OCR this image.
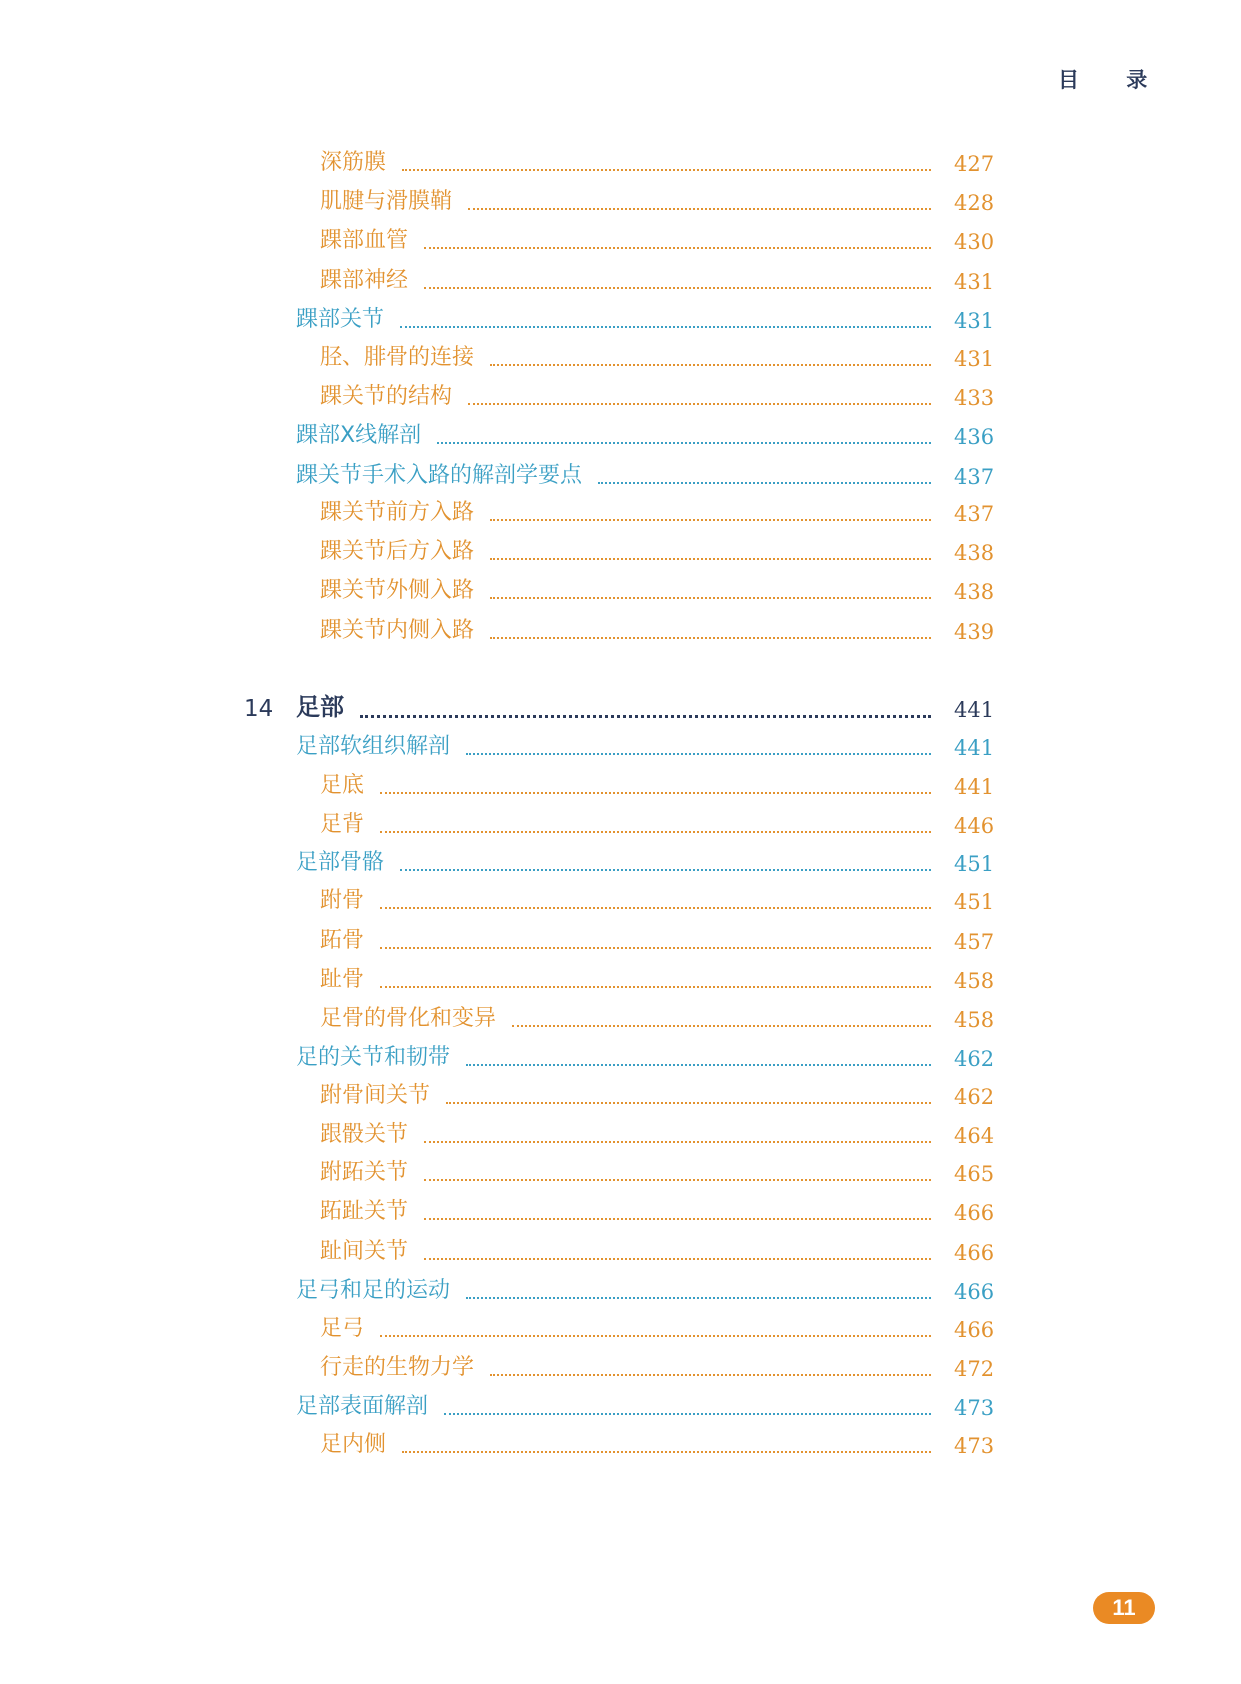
目 录
深筋膜	427
肌腱与滑膜鞘	428
踝部血管	430
踝部神经	431
踝部关节	431
胫、腓骨的连接	431
踝关节的结构	433
踝部X线解剖	436
踝关节手术入路的解剖学要点	437
踝关节前方入路	437
踝关节后方入路	438
踝关节外侧入路	438
踝关节内侧入路	439
14 足部	441
足部软组织解剖	441
足底	441
足背	446
足部骨骼	451
跗骨	451
跖骨	457
趾骨	458
足骨的骨化和变异	458
足的关节和韧带	462
跗骨间关节	462
跟骰关节	464
跗跖关节	465
跖趾关节	466
趾间关节	466
足弓和足的运动	466
足弓	466
行走的生物力学	472
足部表面解剖	473
足内侧	473
11
